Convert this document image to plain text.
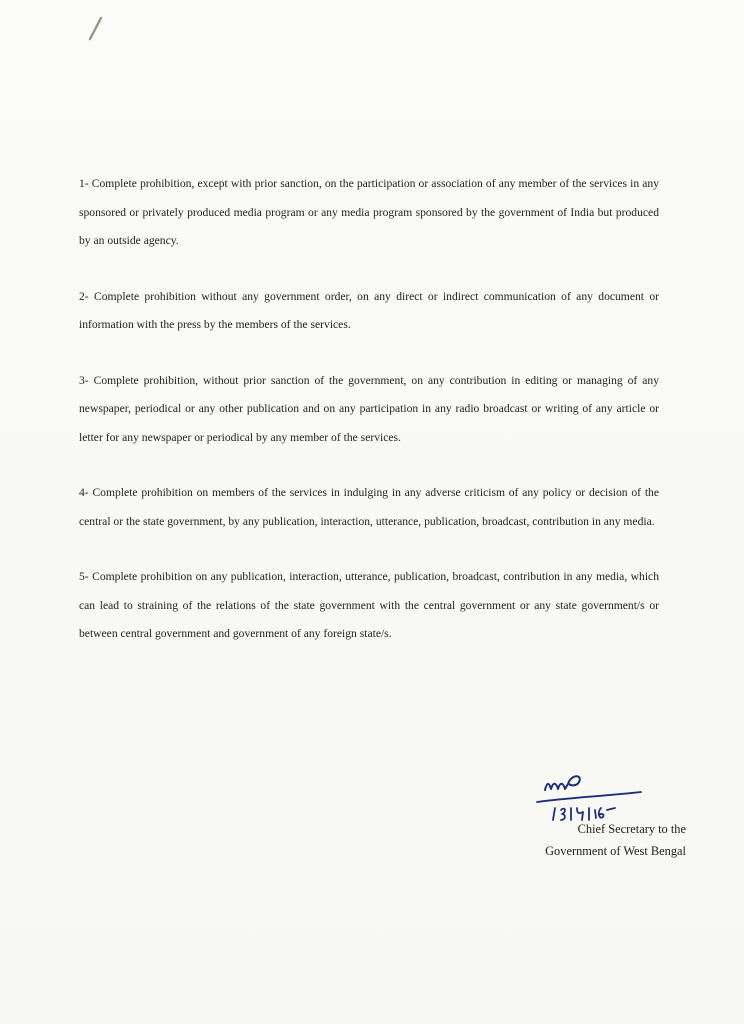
1- Complete prohibition, except with prior sanction, on the participation or association of any member of the services in any sponsored or privately produced media program or any media program sponsored by the government of India but produced by an outside agency.

2- Complete prohibition without any government order, on any direct or indirect communication of any document or information with the press by the members of the services.

3- Complete prohibition, without prior sanction of the government, on any contribution in editing or managing of any newspaper, periodical or any other publication and on any participation in any radio broadcast or writing of any article or letter for any newspaper or periodical by any member of the services.

4- Complete prohibition on members of the services in indulging in any adverse criticism of any policy or decision of the central or the state government, by any publication, interaction, utterance, publication, broadcast, contribution in any media.

5- Complete prohibition on any publication, interaction, utterance, publication, broadcast, contribution in any media, which can lead to straining of the relations of the state government with the central government or any state government/s or between central government and government of any foreign state/s.

Chief Secretary to the
Government of West Bengal
